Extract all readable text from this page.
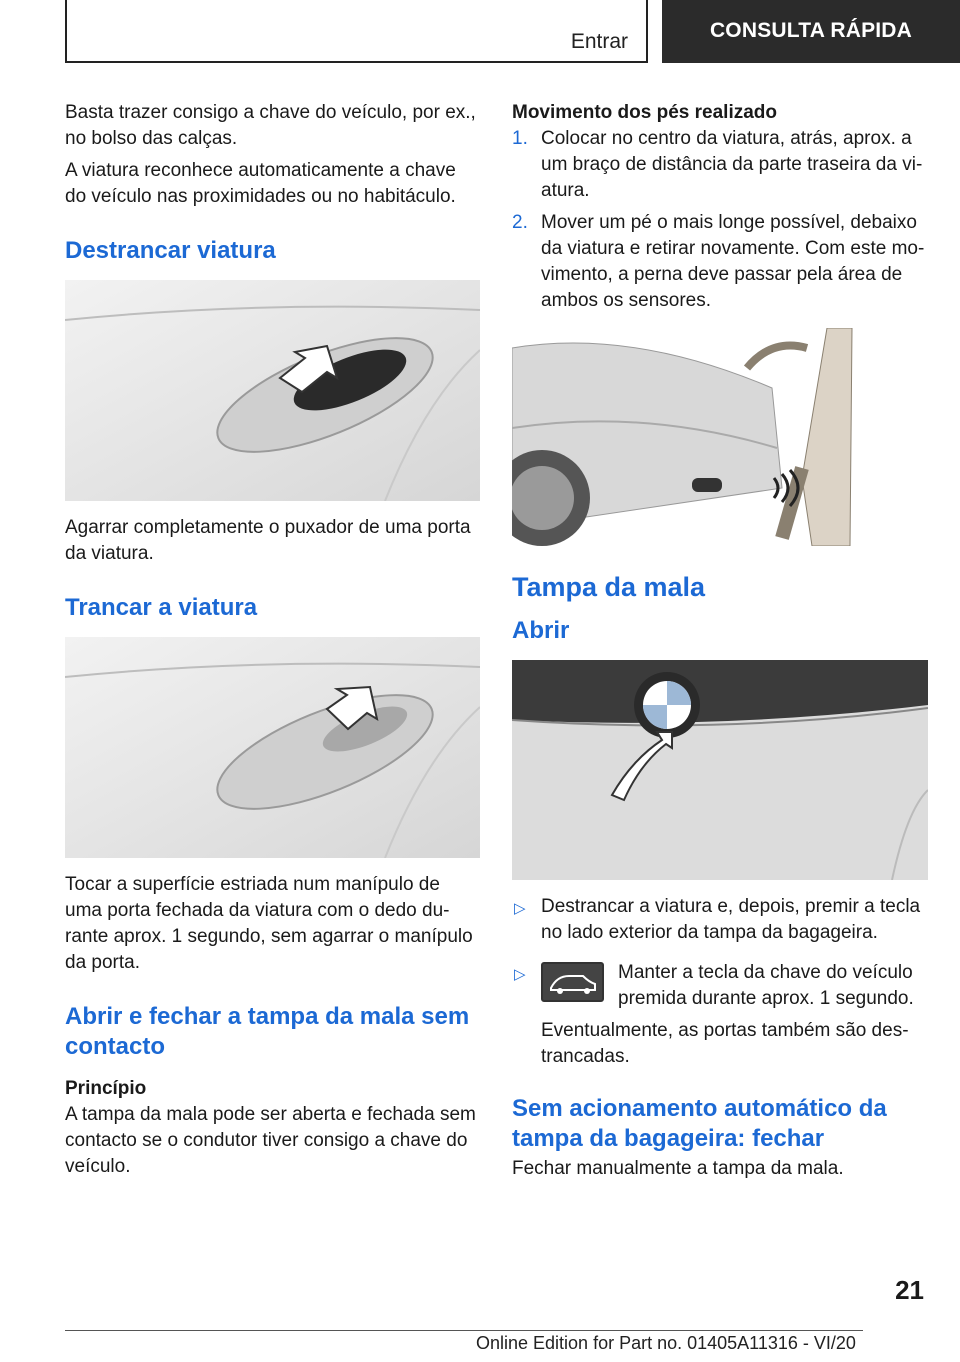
Entrar	CONSULTA RÁPIDA

Basta trazer consigo a chave do veículo, por ex., no bolso das calças.

A viatura reconhece automaticamente a chave do veículo nas proximidades ou no habitáculo.

Destrancar viatura

Agarrar completamente o puxador de uma porta da viatura.

Trancar a viatura

Tocar a superfície estriada num manípulo de uma porta fechada da viatura com o dedo durante aprox. 1 segundo, sem agarrar o manípulo da porta.

Abrir e fechar a tampa da mala sem contacto
Princípio

A tampa da mala pode ser aberta e fechada sem contacto se o condutor tiver consigo a chave do veículo.

Movimento dos pés realizado
1. Colocar no centro da viatura, atrás, aprox. a um braço de distância da parte traseira da viatura.
2. Mover um pé o mais longe possível, debaixo da viatura e retirar novamente. Com este movimento, a perna deve passar pela área de ambos os sensores.
Tampa da mala
Abrir
▷ Destrancar a viatura e, depois, premir a tecla no lado exterior da tampa da bagageira.
▷	Manter a tecla da chave do veículo premida durante aprox. 1 segundo.

Eventualmente, as portas também são destrancadas.

Sem acionamento automático da tampa da bagageira: fechar

Fechar manualmente a tampa da mala.

21
Online Edition for Part no. 01405A11316 - VI/20
